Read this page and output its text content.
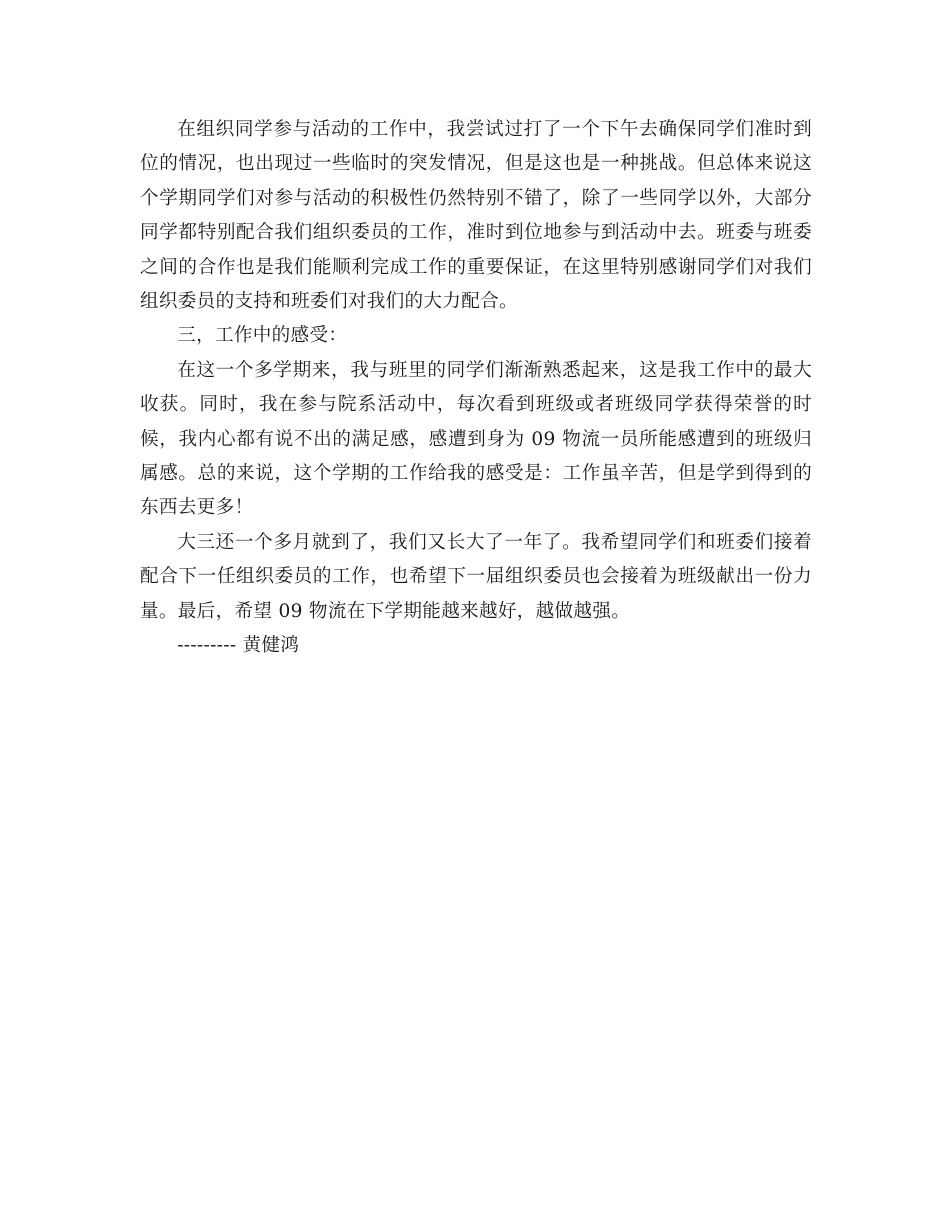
在组织同学参与活动的工作中，我尝试过打了一个下午去确保同学们准时到位的情况，也出现过一些临时的突发情况，但是这也是一种挑战。但总体来说这个学期同学们对参与活动的积极性仍然特别不错了，除了一些同学以外，大部分同学都特别配合我们组织委员的工作，准时到位地参与到活动中去。班委与班委之间的合作也是我们能顺利完成工作的重要保证，在这里特别感谢同学们对我们组织委员的支持和班委们对我们的大力配合。

三，工作中的感受：

在这一个多学期来，我与班里的同学们渐渐熟悉起来，这是我工作中的最大收获。同时，我在参与院系活动中，每次看到班级或者班级同学获得荣誉的时候，我内心都有说不出的满足感，感遭到身为 09 物流一员所能感遭到的班级归属感。总的来说，这个学期的工作给我的感受是：工作虽辛苦，但是学到得到的东西去更多！

大三还一个多月就到了，我们又长大了一年了。我希望同学们和班委们接着配合下一任组织委员的工作，也希望下一届组织委员也会接着为班级献出一份力量。最后，希望 09 物流在下学期能越来越好，越做越强。

--------- 黄健鸿
